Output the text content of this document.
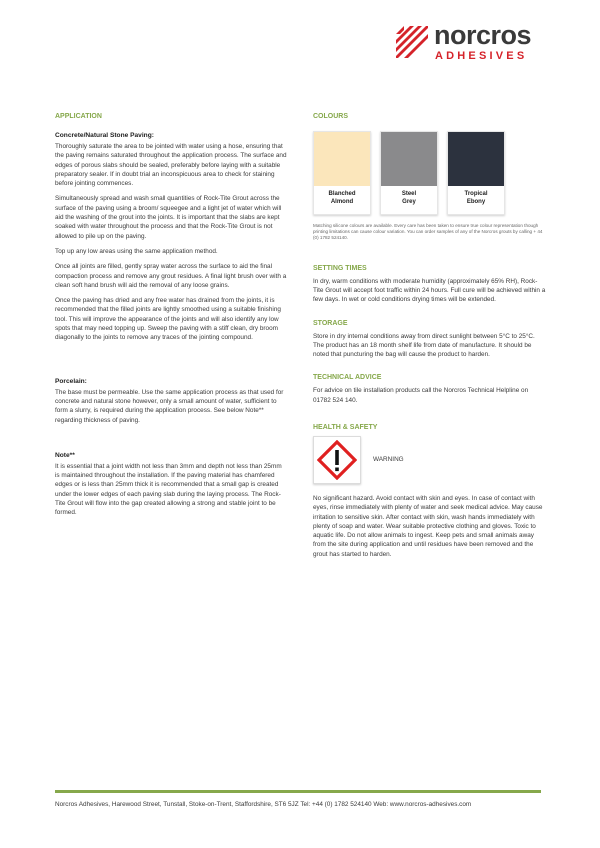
norcros
ADHESIVES
APPLICATION
Concrete/Natural Stone Paving:

Thoroughly saturate the area to be jointed with water using a hose, ensuring that the paving remains saturated throughout the application process. The surface and edges of porous slabs should be sealed, preferably before laying with a suitable preparatory sealer. If in doubt trial an inconspicuous area to check for staining before jointing commences.

Simultaneously spread and wash small quantities of Rock-Tite Grout across the surface of the paving using a broom/ squeegee and a light jet of water which will aid the washing of the grout into the joints. It is important that the slabs are kept soaked with water throughout the process and that the Rock-Tite Grout is not allowed to pile up on the paving.

Top up any low areas using the same application method.

Once all joints are filled, gently spray water across the surface to aid the final compaction process and remove any grout residues. A final light brush over with a clean soft hand brush will aid the removal of any loose grains.

Once the paving has dried and any free water has drained from the joints, it is recommended that the filled joints are lightly smoothed using a suitable finishing tool. This will improve the appearance of the joints and will also identify any low spots that may need topping up. Sweep the paving with a stiff clean, dry broom diagonally to the joints to remove any traces of the jointing compound.

Porcelain:

The base must be permeable. Use the same application process as that used for concrete and natural stone however, only a small amount of water, sufficient to form a slurry, is required during the application process. See below Note** regarding thickness of paving.

Note**

It is essential that a joint width not less than 3mm and depth not less than 25mm is maintained throughout the installation. If the paving material has chamfered edges or is less than 25mm thick it is recommended that a small gap is created under the lower edges of each paving slab during the laying process. The Rock-Tite Grout will flow into the gap created allowing a strong and stable joint to be formed.

COLOURS
Blanched
Almond
Steel
Grey
Tropical
Ebony
Matching silicone colours are available. Every care has been taken to ensure true colour representation though printing limitations can cause colour variation. You can order samples of any of the Norcros grouts by calling + 44 (0) 1782 524140.
SETTING TIMES

In dry, warm conditions with moderate humidity (approximately 65% RH), Rock-Tite Grout will accept foot traffic within 24 hours. Full cure will be achieved within a few days. In wet or cold conditions drying times will be extended.

STORAGE

Store in dry internal conditions away from direct sunlight between 5°C to 25°C. The product has an 18 month shelf life from date of manufacture. It should be noted that puncturing the bag will cause the product to harden.

TECHNICAL ADVICE

For advice on tile installation products call the Norcros Technical Helpline on 01782 524 140.

HEALTH & SAFETY
WARNING

No significant hazard. Avoid contact with skin and eyes. In case of contact with eyes, rinse immediately with plenty of water and seek medical advice. May cause irritation to sensitive skin. After contact with skin, wash hands immediately with plenty of soap and water. Wear suitable protective clothing and gloves. Toxic to aquatic life. Do not allow animals to ingest. Keep pets and small animals away from the site during application and until residues have been removed and the grout has started to harden.

Norcros Adhesives, Harewood Street, Tunstall, Stoke-on-Trent, Staffordshire, ST6 5JZ Tel: +44 (0) 1782 524140 Web: www.norcros-adhesives.com
